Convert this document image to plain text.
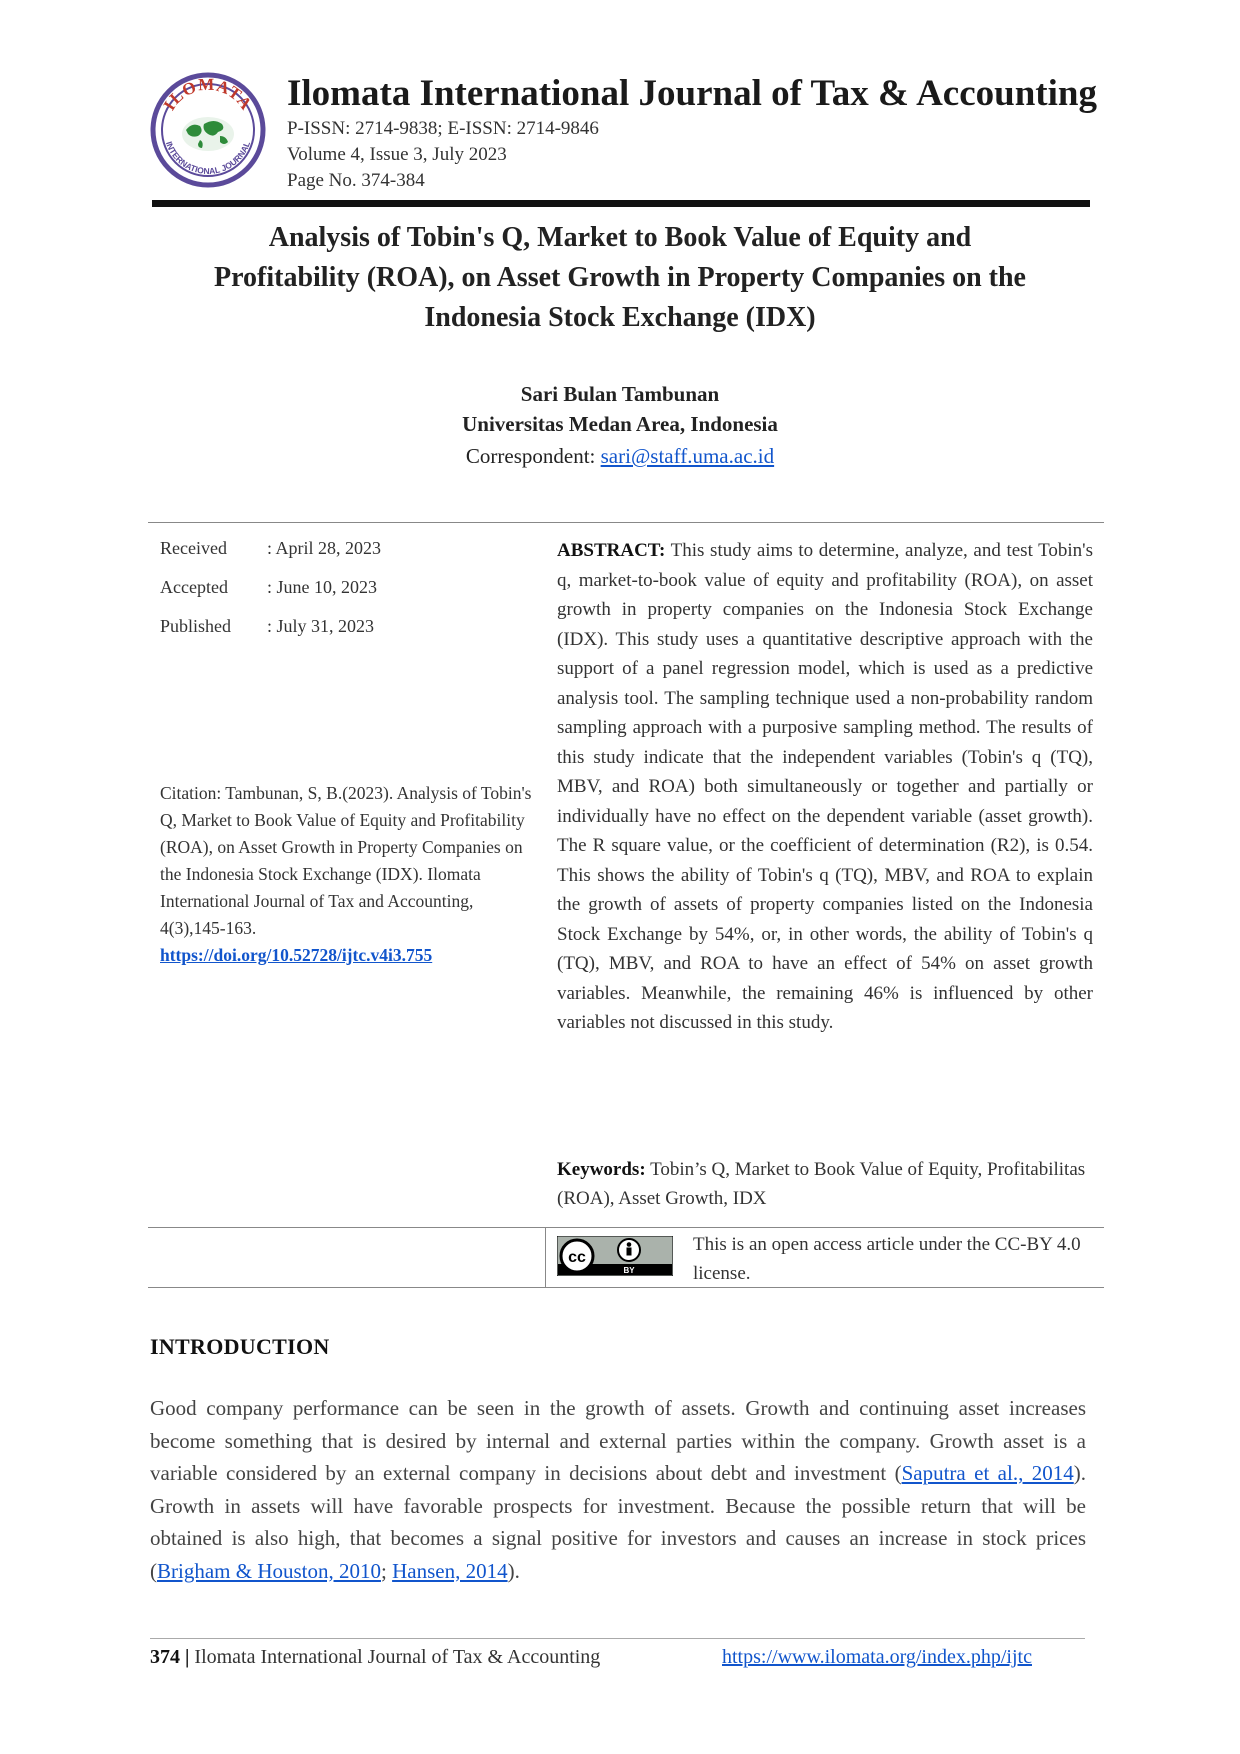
ILOMATA
INTERNATIONAL JOURNAL
Ilomata International Journal of Tax & Accounting
P-ISSN: 2714-9838; E-ISSN: 2714-9846
Volume 4, Issue 3, July 2023
Page No. 374-384
Analysis of Tobin's Q, Market to Book Value of Equity and
Profitability (ROA), on Asset Growth in Property Companies on the
Indonesia Stock Exchange (IDX)
Sari Bulan Tambunan
Universitas Medan Area, Indonesia
Correspondent: sari@staff.uma.ac.id
Received	: April 28, 2023
Accepted	: June 10, 2023
Published	: July 31, 2023
Citation: Tambunan, S, B.(2023). Analysis of Tobin's Q, Market to Book Value of Equity and Profitability (ROA), on Asset Growth in Property Companies on the Indonesia Stock Exchange (IDX). Ilomata International Journal of Tax and Accounting, 4(3),145-163. https://doi.org/10.52728/ijtc.v4i3.755
ABSTRACT: This study aims to determine, analyze, and test Tobin's q, market-to-book value of equity and profitability (ROA), on asset growth in property companies on the Indonesia Stock Exchange (IDX). This study uses a quantitative descriptive approach with the support of a panel regression model, which is used as a predictive analysis tool. The sampling technique used a non-probability random sampling approach with a purposive sampling method. The results of this study indicate that the independent variables (Tobin's q (TQ), MBV, and ROA) both simultaneously or together and partially or individually have no effect on the dependent variable (asset growth). The R square value, or the coefficient of determination (R2), is 0.54. This shows the ability of Tobin's q (TQ), MBV, and ROA to explain the growth of assets of property companies listed on the Indonesia Stock Exchange by 54%, or, in other words, the ability of Tobin's q (TQ), MBV, and ROA to have an effect of 54% on asset growth variables. Meanwhile, the remaining 46% is influenced by other variables not discussed in this study.
Keywords: Tobin’s Q, Market to Book Value of Equity, Profitabilitas (ROA), Asset Growth, IDX
cc
BY
This is an open access article under the CC-BY 4.0 license.
INTRODUCTION
Good company performance can be seen in the growth of assets. Growth and continuing asset increases become something that is desired by internal and external parties within the company. Growth asset is a variable considered by an external company in decisions about debt and investment (Saputra et al., 2014). Growth in assets will have favorable prospects for investment. Because the possible return that will be obtained is also high, that becomes a signal positive for investors and causes an increase in stock prices (Brigham & Houston, 2010; Hansen, 2014).
374 | Ilomata International Journal of Tax & Accounting	https://www.ilomata.org/index.php/ijtc
